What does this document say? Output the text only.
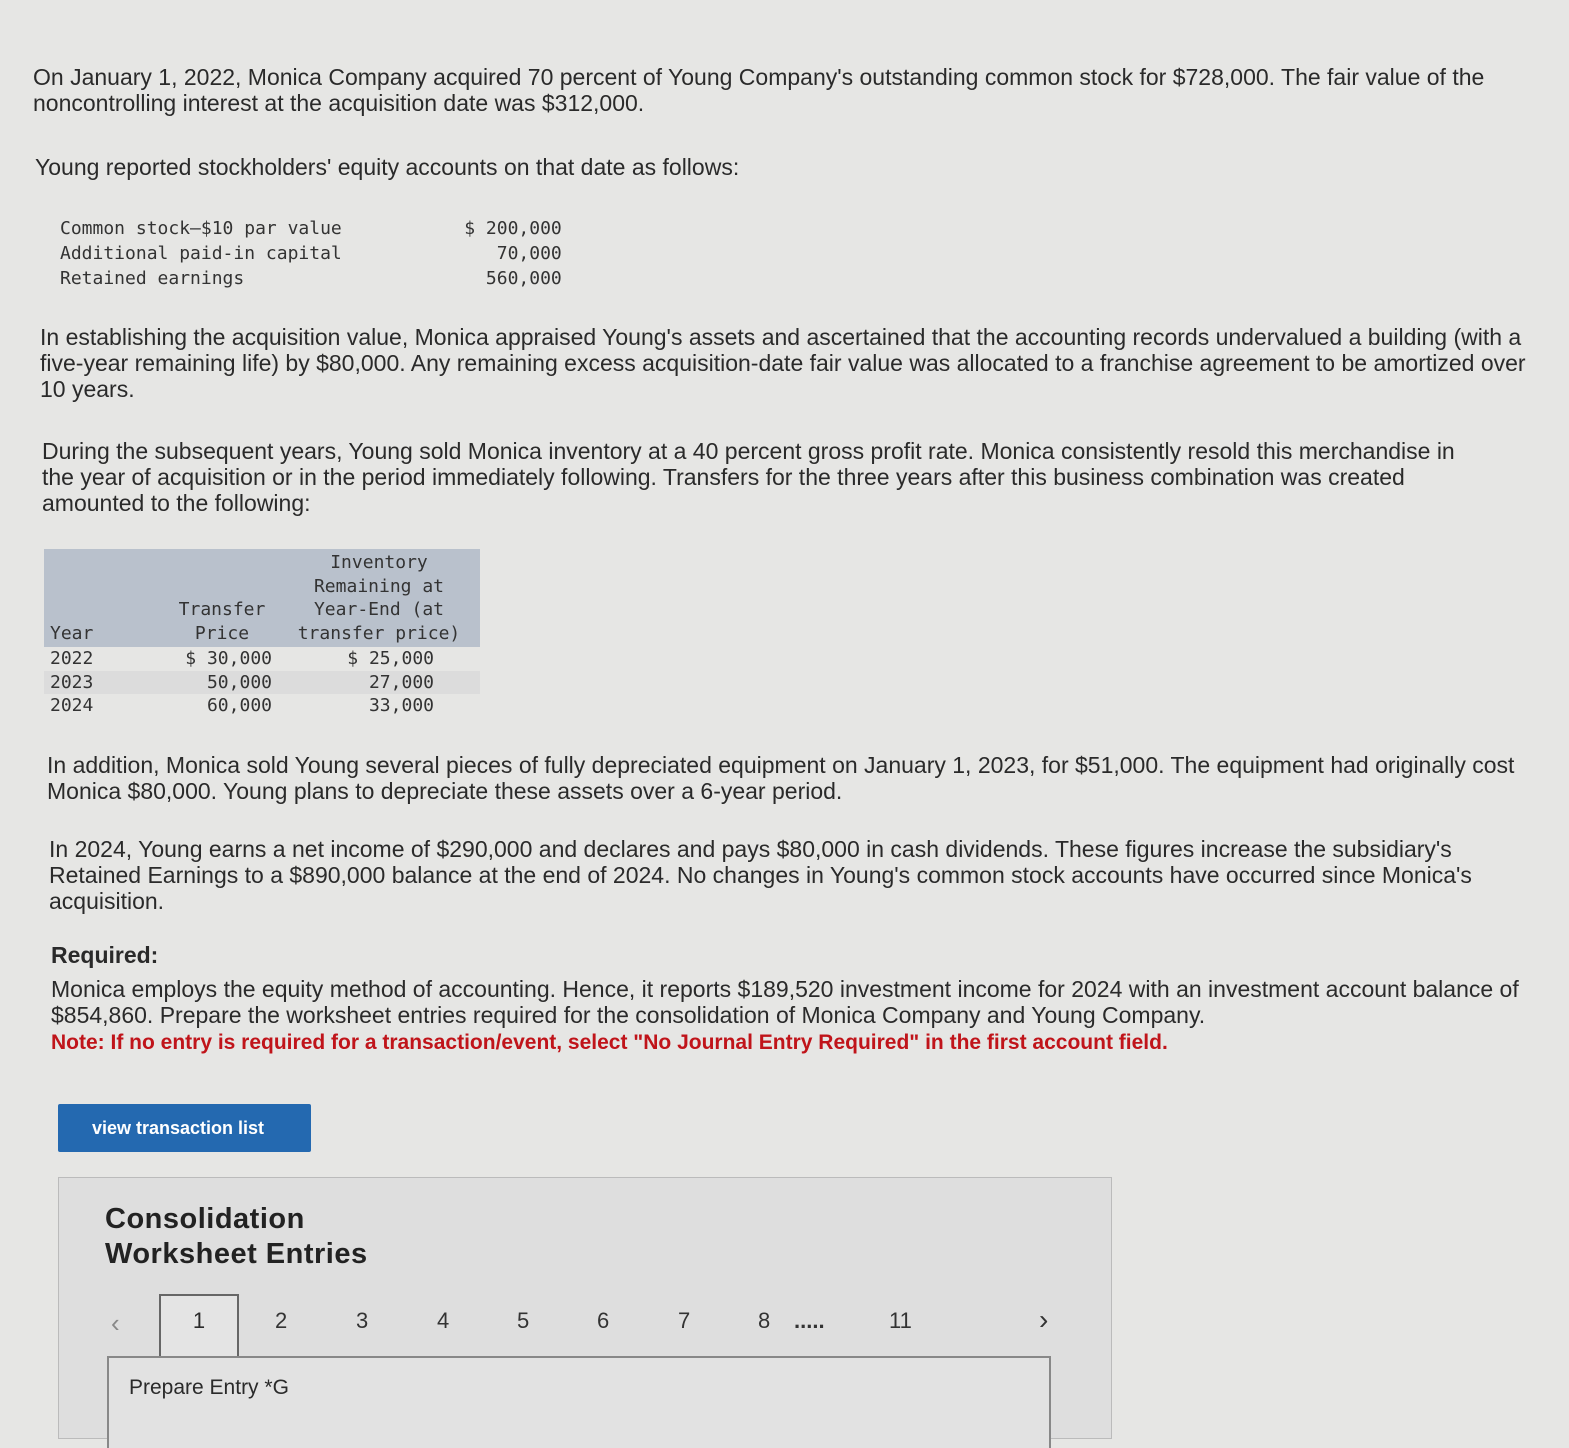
On January 1, 2022, Monica Company acquired 70 percent of Young Company's outstanding common stock for $728,000. The fair value of the noncontrolling interest at the acquisition date was $312,000.

Young reported stockholders' equity accounts on that date as follows:

Common stock—$10 par value	$ 200,000
Additional paid-in capital	70,000
Retained earnings	560,000

In establishing the acquisition value, Monica appraised Young's assets and ascertained that the accounting records undervalued a building (with a five-year remaining life) by $80,000. Any remaining excess acquisition-date fair value was allocated to a franchise agreement to be amortized over 10 years.

During the subsequent years, Young sold Monica inventory at a 40 percent gross profit rate. Monica consistently resold this merchandise in the year of acquisition or in the period immediately following. Transfers for the three years after this business combination was created amounted to the following:

Year	Transfer Price	Inventory Remaining at Year-End (at transfer price)
2022	$ 30,000	$ 25,000
2023	50,000	27,000
2024	60,000	33,000

In addition, Monica sold Young several pieces of fully depreciated equipment on January 1, 2023, for $51,000. The equipment had originally cost Monica $80,000. Young plans to depreciate these assets over a 6-year period.

In 2024, Young earns a net income of $290,000 and declares and pays $80,000 in cash dividends. These figures increase the subsidiary's Retained Earnings to a $890,000 balance at the end of 2024. No changes in Young's common stock accounts have occurred since Monica's acquisition.

Required:

Monica employs the equity method of accounting. Hence, it reports $189,520 investment income for 2024 with an investment account balance of $854,860. Prepare the worksheet entries required for the consolidation of Monica Company and Young Company.

Note: If no entry is required for a transaction/event, select "No Journal Entry Required" in the first account field.

view transaction list
Consolidation Worksheet Entries
‹	1	2	3	4	5	6	7	8 .....	11	›
Prepare Entry *G
